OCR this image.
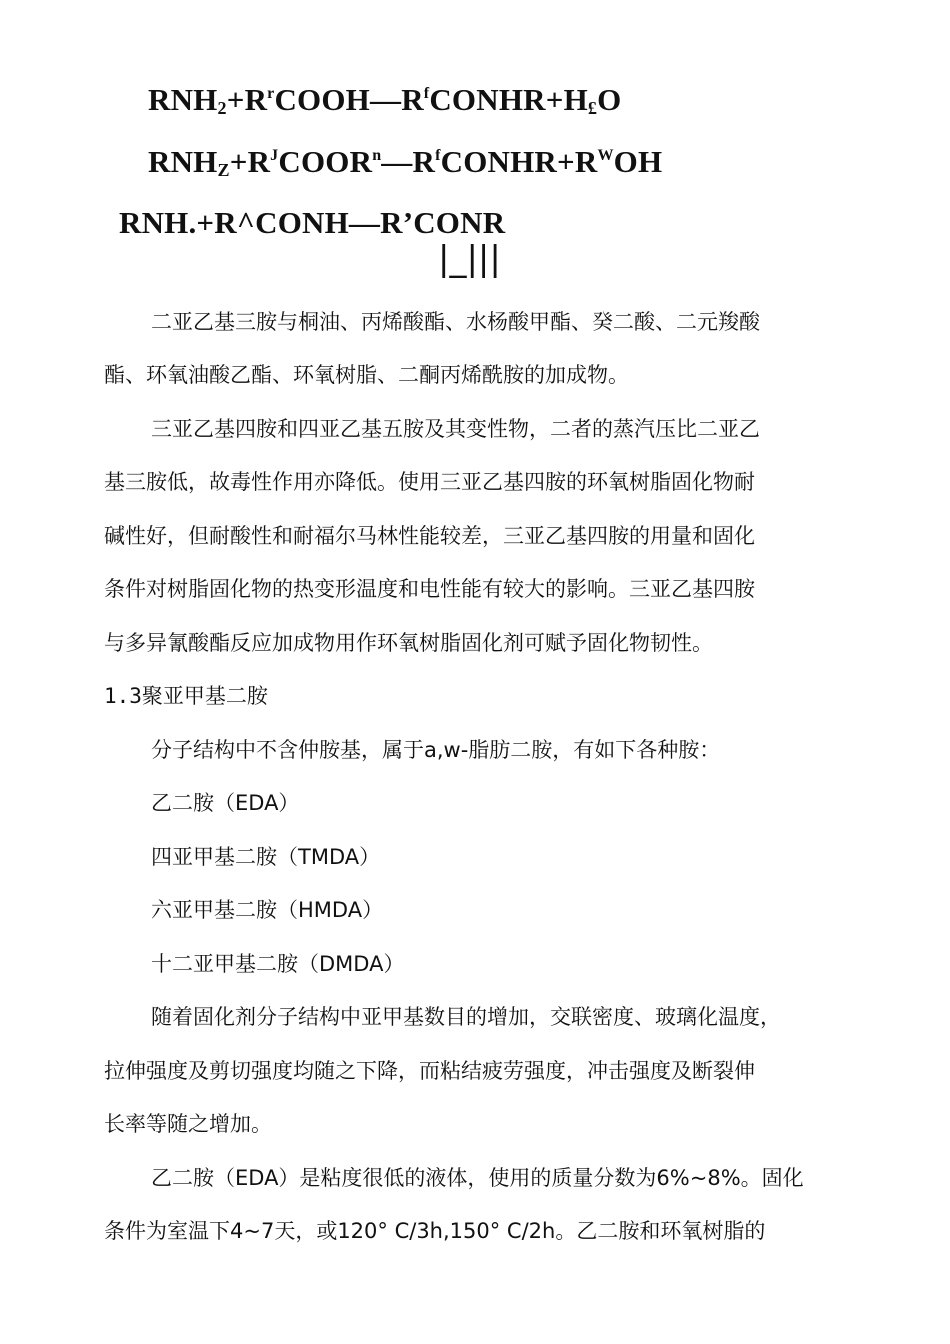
$RNH_2+R^rCOOH—R^fCONHR+H_£O$
$RNH_Z+R^JCOOR^n—R^fCONHR+R^WOH$
RNH.+R^CONH—R’CONR
|_|||
二亚乙基三胺与桐油、丙烯酸酯、水杨酸甲酯、癸二酸、二元羧酸
酯、环氧油酸乙酯、环氧树脂、二酮丙烯酰胺的加成物。
三亚乙基四胺和四亚乙基五胺及其变性物，二者的蒸汽压比二亚乙
基三胺低，故毒性作用亦降低。使用三亚乙基四胺的环氧树脂固化物耐
碱性好，但耐酸性和耐福尔马林性能较差，三亚乙基四胺的用量和固化
条件对树脂固化物的热变形温度和电性能有较大的影响。三亚乙基四胺
与多异氰酸酯反应加成物用作环氧树脂固化剂可赋予固化物韧性。
1.3聚亚甲基二胺
分子结构中不含仲胺基，属于a,w-脂肪二胺，有如下各种胺：
乙二胺（EDA）
四亚甲基二胺（TMDA）
六亚甲基二胺（HMDA）
十二亚甲基二胺（DMDA）
随着固化剂分子结构中亚甲基数目的增加，交联密度、玻璃化温度，
拉伸强度及剪切强度均随之下降，而粘结疲劳强度，冲击强度及断裂伸
长率等随之增加。
乙二胺（EDA）是粘度很低的液体，使用的质量分数为6%~8%。固化
条件为室温下4~7天，或120° C/3h,150° C/2h。乙二胺和环氧树脂的
